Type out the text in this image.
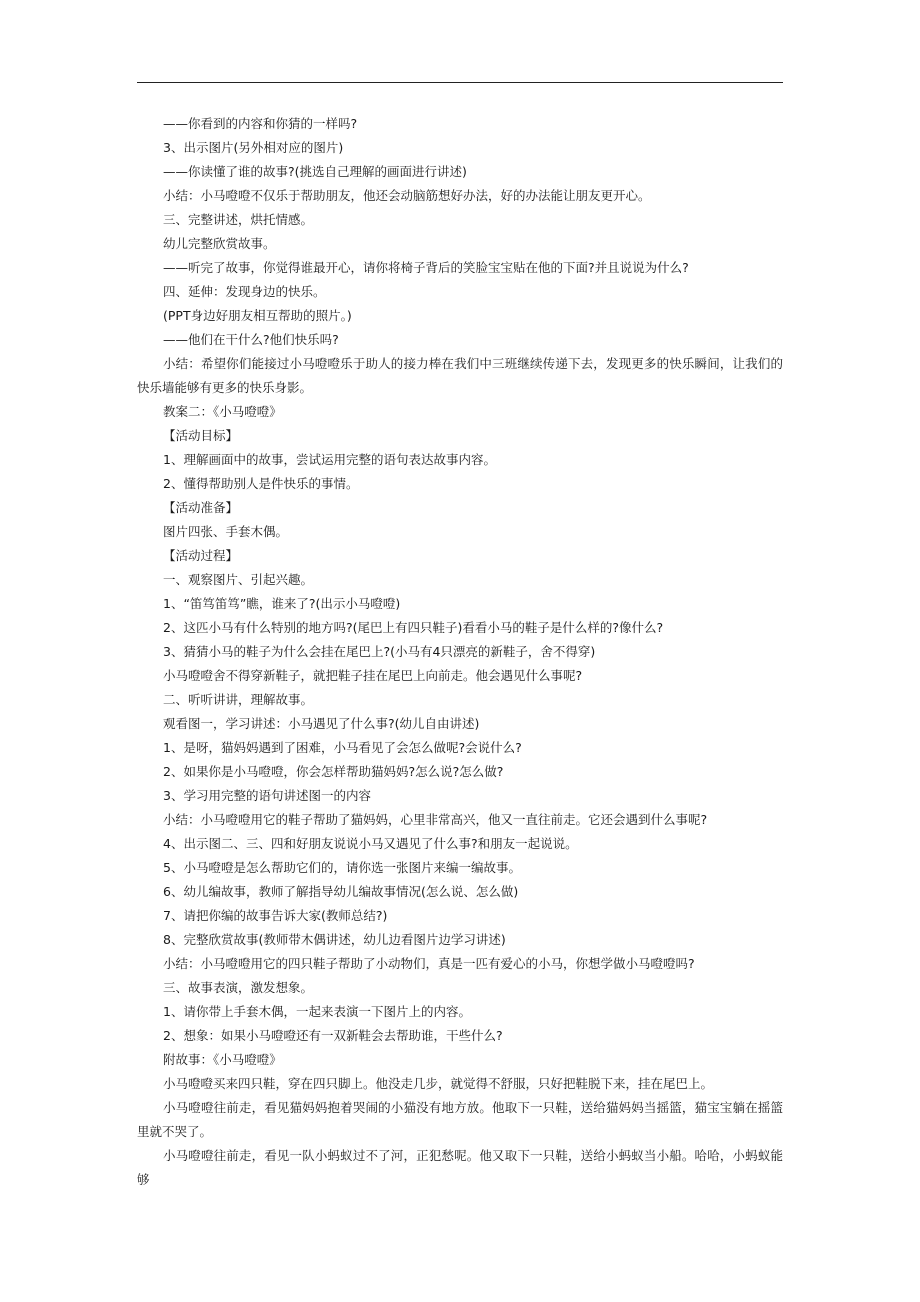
——你看到的内容和你猜的一样吗?
3、出示图片(另外相对应的图片)
——你读懂了谁的故事?(挑选自己理解的画面进行讲述)
小结：小马噔噔不仅乐于帮助朋友，他还会动脑筋想好办法，好的办法能让朋友更开心。
三、完整讲述，烘托情感。
幼儿完整欣赏故事。
——听完了故事，你觉得谁最开心，请你将椅子背后的笑脸宝宝贴在他的下面?并且说说为什么?
四、延伸：发现身边的快乐。
(PPT身边好朋友相互帮助的照片。)
——他们在干什么?他们快乐吗?
小结：希望你们能接过小马噔噔乐于助人的接力棒在我们中三班继续传递下去，发现更多的快乐瞬间，让我们的快乐墙能够有更多的快乐身影。
教案二：《小马噔噔》
【活动目标】
1、理解画面中的故事，尝试运用完整的语句表达故事内容。
2、懂得帮助别人是件快乐的事情。
【活动准备】
图片四张、手套木偶。
【活动过程】
一、观察图片、引起兴趣。
1、“笛笃笛笃”瞧，谁来了?(出示小马噔噔)
2、这匹小马有什么特别的地方吗?(尾巴上有四只鞋子)看看小马的鞋子是什么样的?像什么?
3、猜猜小马的鞋子为什么会挂在尾巴上?(小马有4只漂亮的新鞋子，舍不得穿)
小马噔噔舍不得穿新鞋子，就把鞋子挂在尾巴上向前走。他会遇见什么事呢?
二、听听讲讲，理解故事。
观看图一，学习讲述：小马遇见了什么事?(幼儿自由讲述)
1、是呀，猫妈妈遇到了困难，小马看见了会怎么做呢?会说什么?
2、如果你是小马噔噔，你会怎样帮助猫妈妈?怎么说?怎么做?
3、学习用完整的语句讲述图一的内容
小结：小马噔噔用它的鞋子帮助了猫妈妈，心里非常高兴，他又一直往前走。它还会遇到什么事呢?
4、出示图二、三、四和好朋友说说小马又遇见了什么事?和朋友一起说说。
5、小马噔噔是怎么帮助它们的，请你选一张图片来编一编故事。
6、幼儿编故事，教师了解指导幼儿编故事情况(怎么说、怎么做)
7、请把你编的故事告诉大家(教师总结?)
8、完整欣赏故事(教师带木偶讲述，幼儿边看图片边学习讲述)
小结：小马噔噔用它的四只鞋子帮助了小动物们，真是一匹有爱心的小马，你想学做小马噔噔吗?
三、故事表演，激发想象。
1、请你带上手套木偶，一起来表演一下图片上的内容。
2、想象：如果小马噔噔还有一双新鞋会去帮助谁，干些什么?
附故事：《小马噔噔》
小马噔噔买来四只鞋，穿在四只脚上。他没走几步，就觉得不舒服，只好把鞋脱下来，挂在尾巴上。
小马噔噔往前走，看见猫妈妈抱着哭闹的小猫没有地方放。他取下一只鞋，送给猫妈妈当摇篮，猫宝宝躺在摇篮里就不哭了。
小马噔噔往前走，看见一队小蚂蚁过不了河，正犯愁呢。他又取下一只鞋，送给小蚂蚁当小船。哈哈，小蚂蚁能够
